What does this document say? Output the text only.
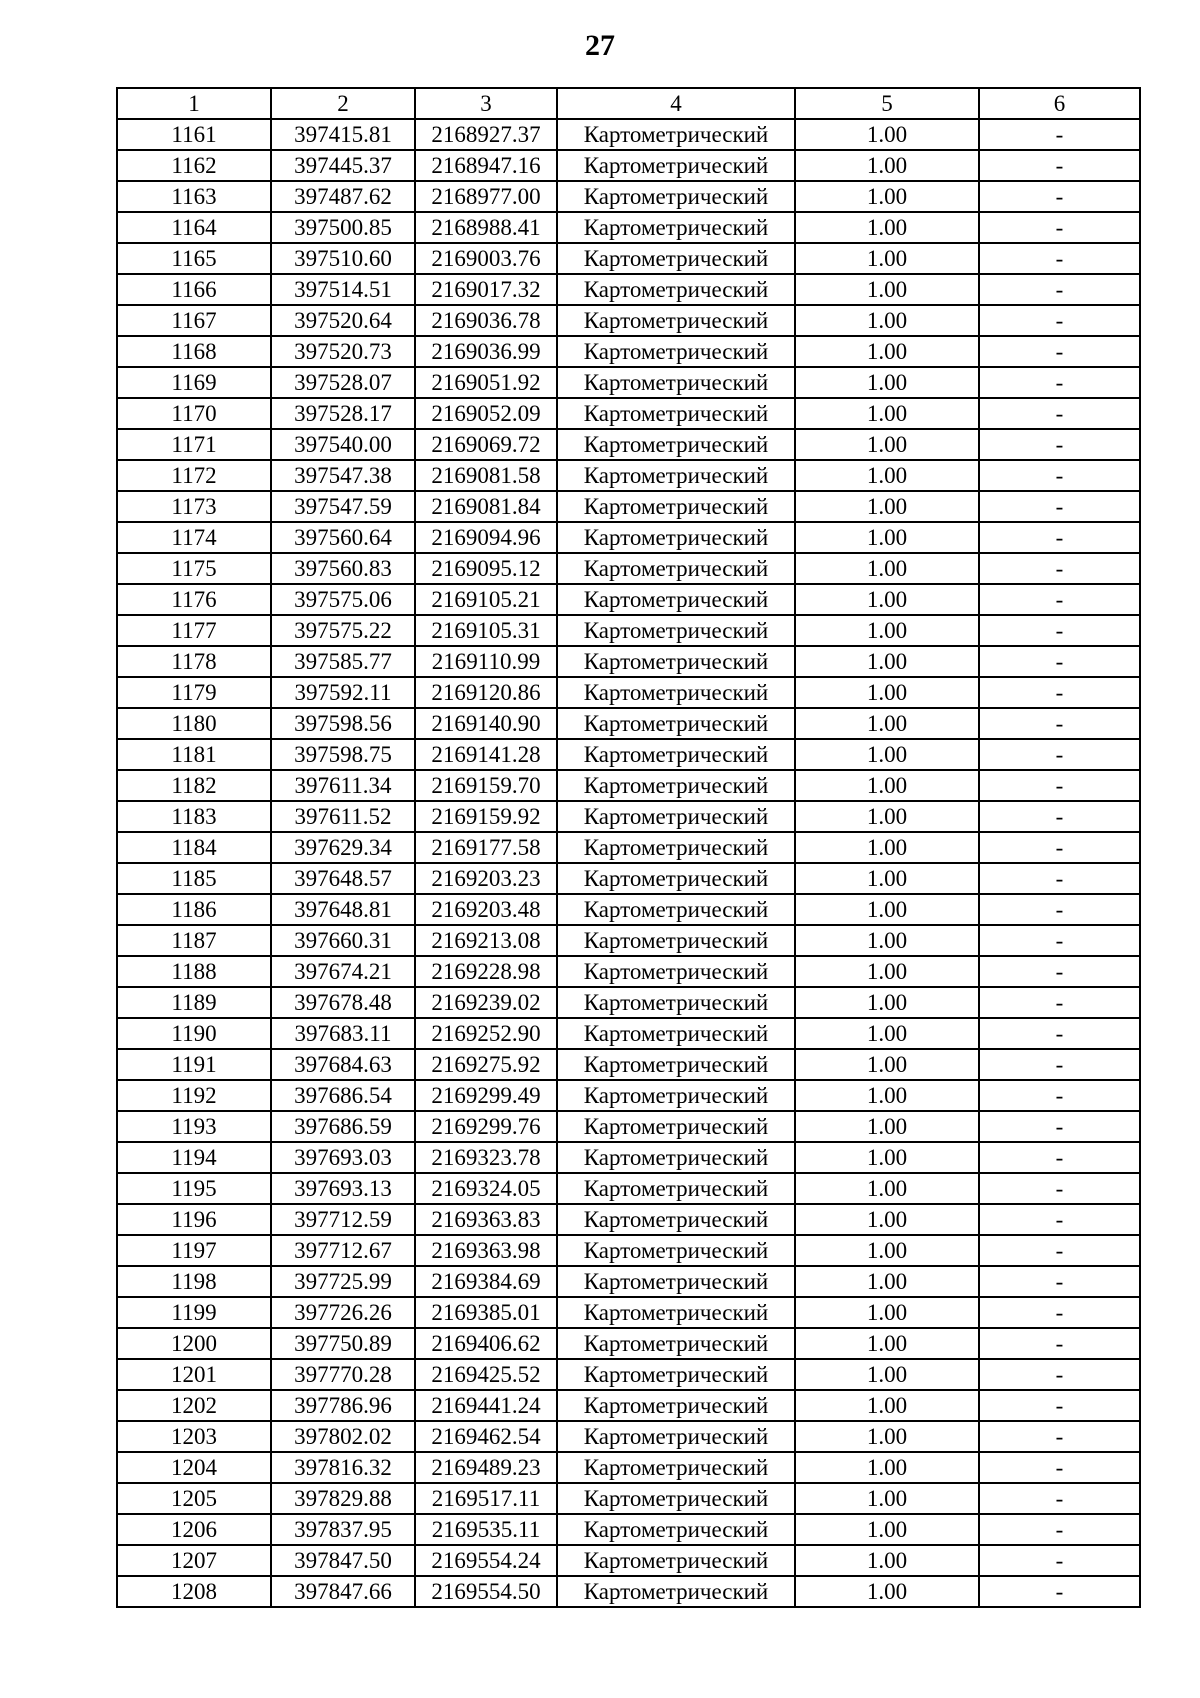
27
1	2	3	4	5	6
1161	397415.81	2168927.37	Картометрический	1.00	-
1162	397445.37	2168947.16	Картометрический	1.00	-
1163	397487.62	2168977.00	Картометрический	1.00	-
1164	397500.85	2168988.41	Картометрический	1.00	-
1165	397510.60	2169003.76	Картометрический	1.00	-
1166	397514.51	2169017.32	Картометрический	1.00	-
1167	397520.64	2169036.78	Картометрический	1.00	-
1168	397520.73	2169036.99	Картометрический	1.00	-
1169	397528.07	2169051.92	Картометрический	1.00	-
1170	397528.17	2169052.09	Картометрический	1.00	-
1171	397540.00	2169069.72	Картометрический	1.00	-
1172	397547.38	2169081.58	Картометрический	1.00	-
1173	397547.59	2169081.84	Картометрический	1.00	-
1174	397560.64	2169094.96	Картометрический	1.00	-
1175	397560.83	2169095.12	Картометрический	1.00	-
1176	397575.06	2169105.21	Картометрический	1.00	-
1177	397575.22	2169105.31	Картометрический	1.00	-
1178	397585.77	2169110.99	Картометрический	1.00	-
1179	397592.11	2169120.86	Картометрический	1.00	-
1180	397598.56	2169140.90	Картометрический	1.00	-
1181	397598.75	2169141.28	Картометрический	1.00	-
1182	397611.34	2169159.70	Картометрический	1.00	-
1183	397611.52	2169159.92	Картометрический	1.00	-
1184	397629.34	2169177.58	Картометрический	1.00	-
1185	397648.57	2169203.23	Картометрический	1.00	-
1186	397648.81	2169203.48	Картометрический	1.00	-
1187	397660.31	2169213.08	Картометрический	1.00	-
1188	397674.21	2169228.98	Картометрический	1.00	-
1189	397678.48	2169239.02	Картометрический	1.00	-
1190	397683.11	2169252.90	Картометрический	1.00	-
1191	397684.63	2169275.92	Картометрический	1.00	-
1192	397686.54	2169299.49	Картометрический	1.00	-
1193	397686.59	2169299.76	Картометрический	1.00	-
1194	397693.03	2169323.78	Картометрический	1.00	-
1195	397693.13	2169324.05	Картометрический	1.00	-
1196	397712.59	2169363.83	Картометрический	1.00	-
1197	397712.67	2169363.98	Картометрический	1.00	-
1198	397725.99	2169384.69	Картометрический	1.00	-
1199	397726.26	2169385.01	Картометрический	1.00	-
1200	397750.89	2169406.62	Картометрический	1.00	-
1201	397770.28	2169425.52	Картометрический	1.00	-
1202	397786.96	2169441.24	Картометрический	1.00	-
1203	397802.02	2169462.54	Картометрический	1.00	-
1204	397816.32	2169489.23	Картометрический	1.00	-
1205	397829.88	2169517.11	Картометрический	1.00	-
1206	397837.95	2169535.11	Картометрический	1.00	-
1207	397847.50	2169554.24	Картометрический	1.00	-
1208	397847.66	2169554.50	Картометрический	1.00	-
